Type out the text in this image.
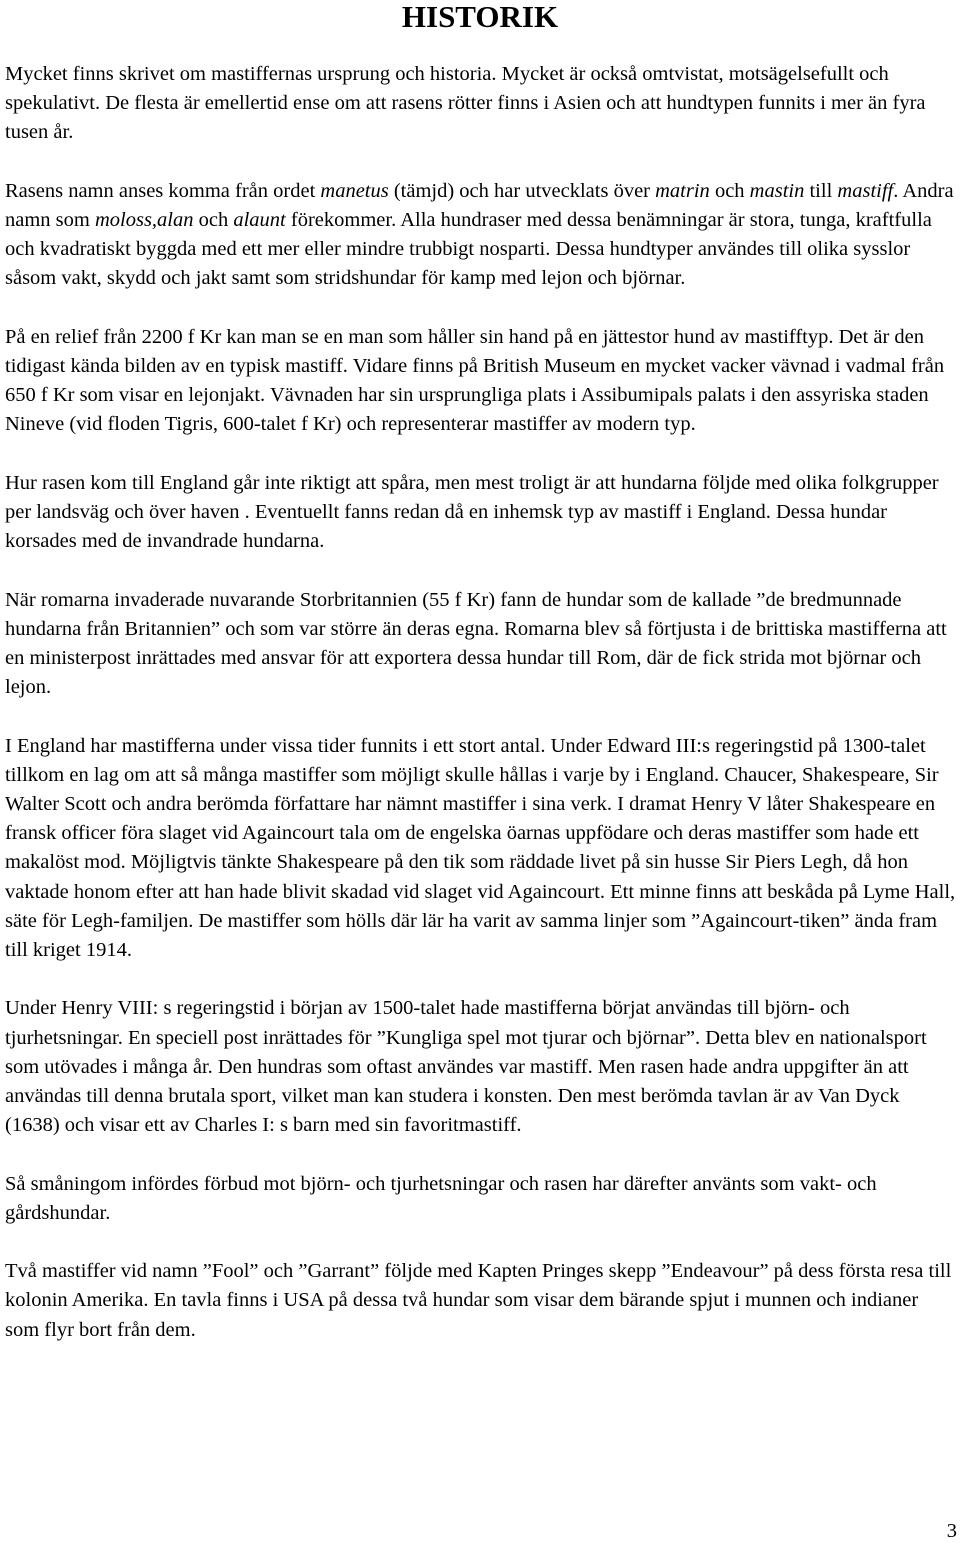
HISTORIK

Mycket finns skrivet om mastiffernas ursprung och historia. Mycket är också omtvistat, motsägelsefullt och spekulativt. De flesta är emellertid ense om att rasens rötter finns i Asien och att hundtypen funnits i mer än fyra tusen år.

Rasens namn anses komma från ordet manetus (tämjd) och har utvecklats över matrin och mastin till mastiff. Andra namn som moloss,alan och alaunt förekommer. Alla hundraser med dessa benämningar är stora, tunga, kraftfulla och kvadratiskt byggda med ett mer eller mindre trubbigt nosparti. Dessa hundtyper användes till olika sysslor såsom vakt, skydd och jakt samt som stridshundar för kamp med lejon och björnar.

På en relief från 2200 f Kr kan man se en man som håller sin hand på en jättestor hund av mastifftyp. Det är den tidigast kända bilden av en typisk mastiff. Vidare finns på British Museum en mycket vacker vävnad i vadmal från 650 f Kr som visar en lejonjakt. Vävnaden har sin ursprungliga plats i Assibumipals palats i den assyriska staden Nineve (vid floden Tigris, 600-talet f Kr) och representerar mastiffer av modern typ.

Hur rasen kom till England går inte riktigt att spåra, men mest troligt är att hundarna följde med olika folkgrupper per landsväg och över haven . Eventuellt fanns redan då en inhemsk typ av mastiff i England. Dessa hundar korsades med de invandrade hundarna.

När romarna invaderade nuvarande Storbritannien (55 f Kr) fann de hundar som de kallade ”de bredmunnade hundarna från Britannien” och som var större än deras egna. Romarna blev så förtjusta i de brittiska mastifferna att en ministerpost inrättades med ansvar för att exportera dessa hundar till Rom, där de fick strida mot björnar och lejon.

I England har mastifferna under vissa tider funnits i ett stort antal. Under Edward III:s regeringstid på 1300-talet tillkom en lag om att så många mastiffer som möjligt skulle hållas i varje by i England. Chaucer, Shakespeare, Sir Walter Scott och andra berömda författare har nämnt mastiffer i sina verk. I dramat Henry V låter Shakespeare en fransk officer föra slaget vid Againcourt tala om de engelska öarnas uppfödare och deras mastiffer som hade ett makalöst mod. Möjligtvis tänkte Shakespeare på den tik som räddade livet på sin husse Sir Piers Legh, då hon vaktade honom efter att han hade blivit skadad vid slaget vid Againcourt. Ett minne finns att beskåda på Lyme Hall, säte för Legh-familjen. De mastiffer som hölls där lär ha varit av samma linjer som ”Againcourt-tiken” ända fram till kriget 1914.

Under Henry VIII: s regeringstid i början av 1500-talet hade mastifferna börjat användas till björn- och tjurhetsningar. En speciell post inrättades för ”Kungliga spel mot tjurar och björnar”. Detta blev en nationalsport som utövades i många år. Den hundras som oftast användes var mastiff. Men rasen hade andra uppgifter än att användas till denna brutala sport, vilket man kan studera i konsten. Den mest berömda tavlan är av Van Dyck (1638) och visar ett av Charles I: s barn med sin favoritmastiff.

Så småningom infördes förbud mot björn- och tjurhetsningar och rasen har därefter använts som vakt- och gårdshundar.

Två mastiffer vid namn ”Fool” och ”Garrant” följde med Kapten Pringes skepp ”Endeavour” på dess första resa till kolonin Amerika. En tavla finns i USA på dessa två hundar som visar dem bärande spjut i munnen och indianer som flyr bort från dem.

3
